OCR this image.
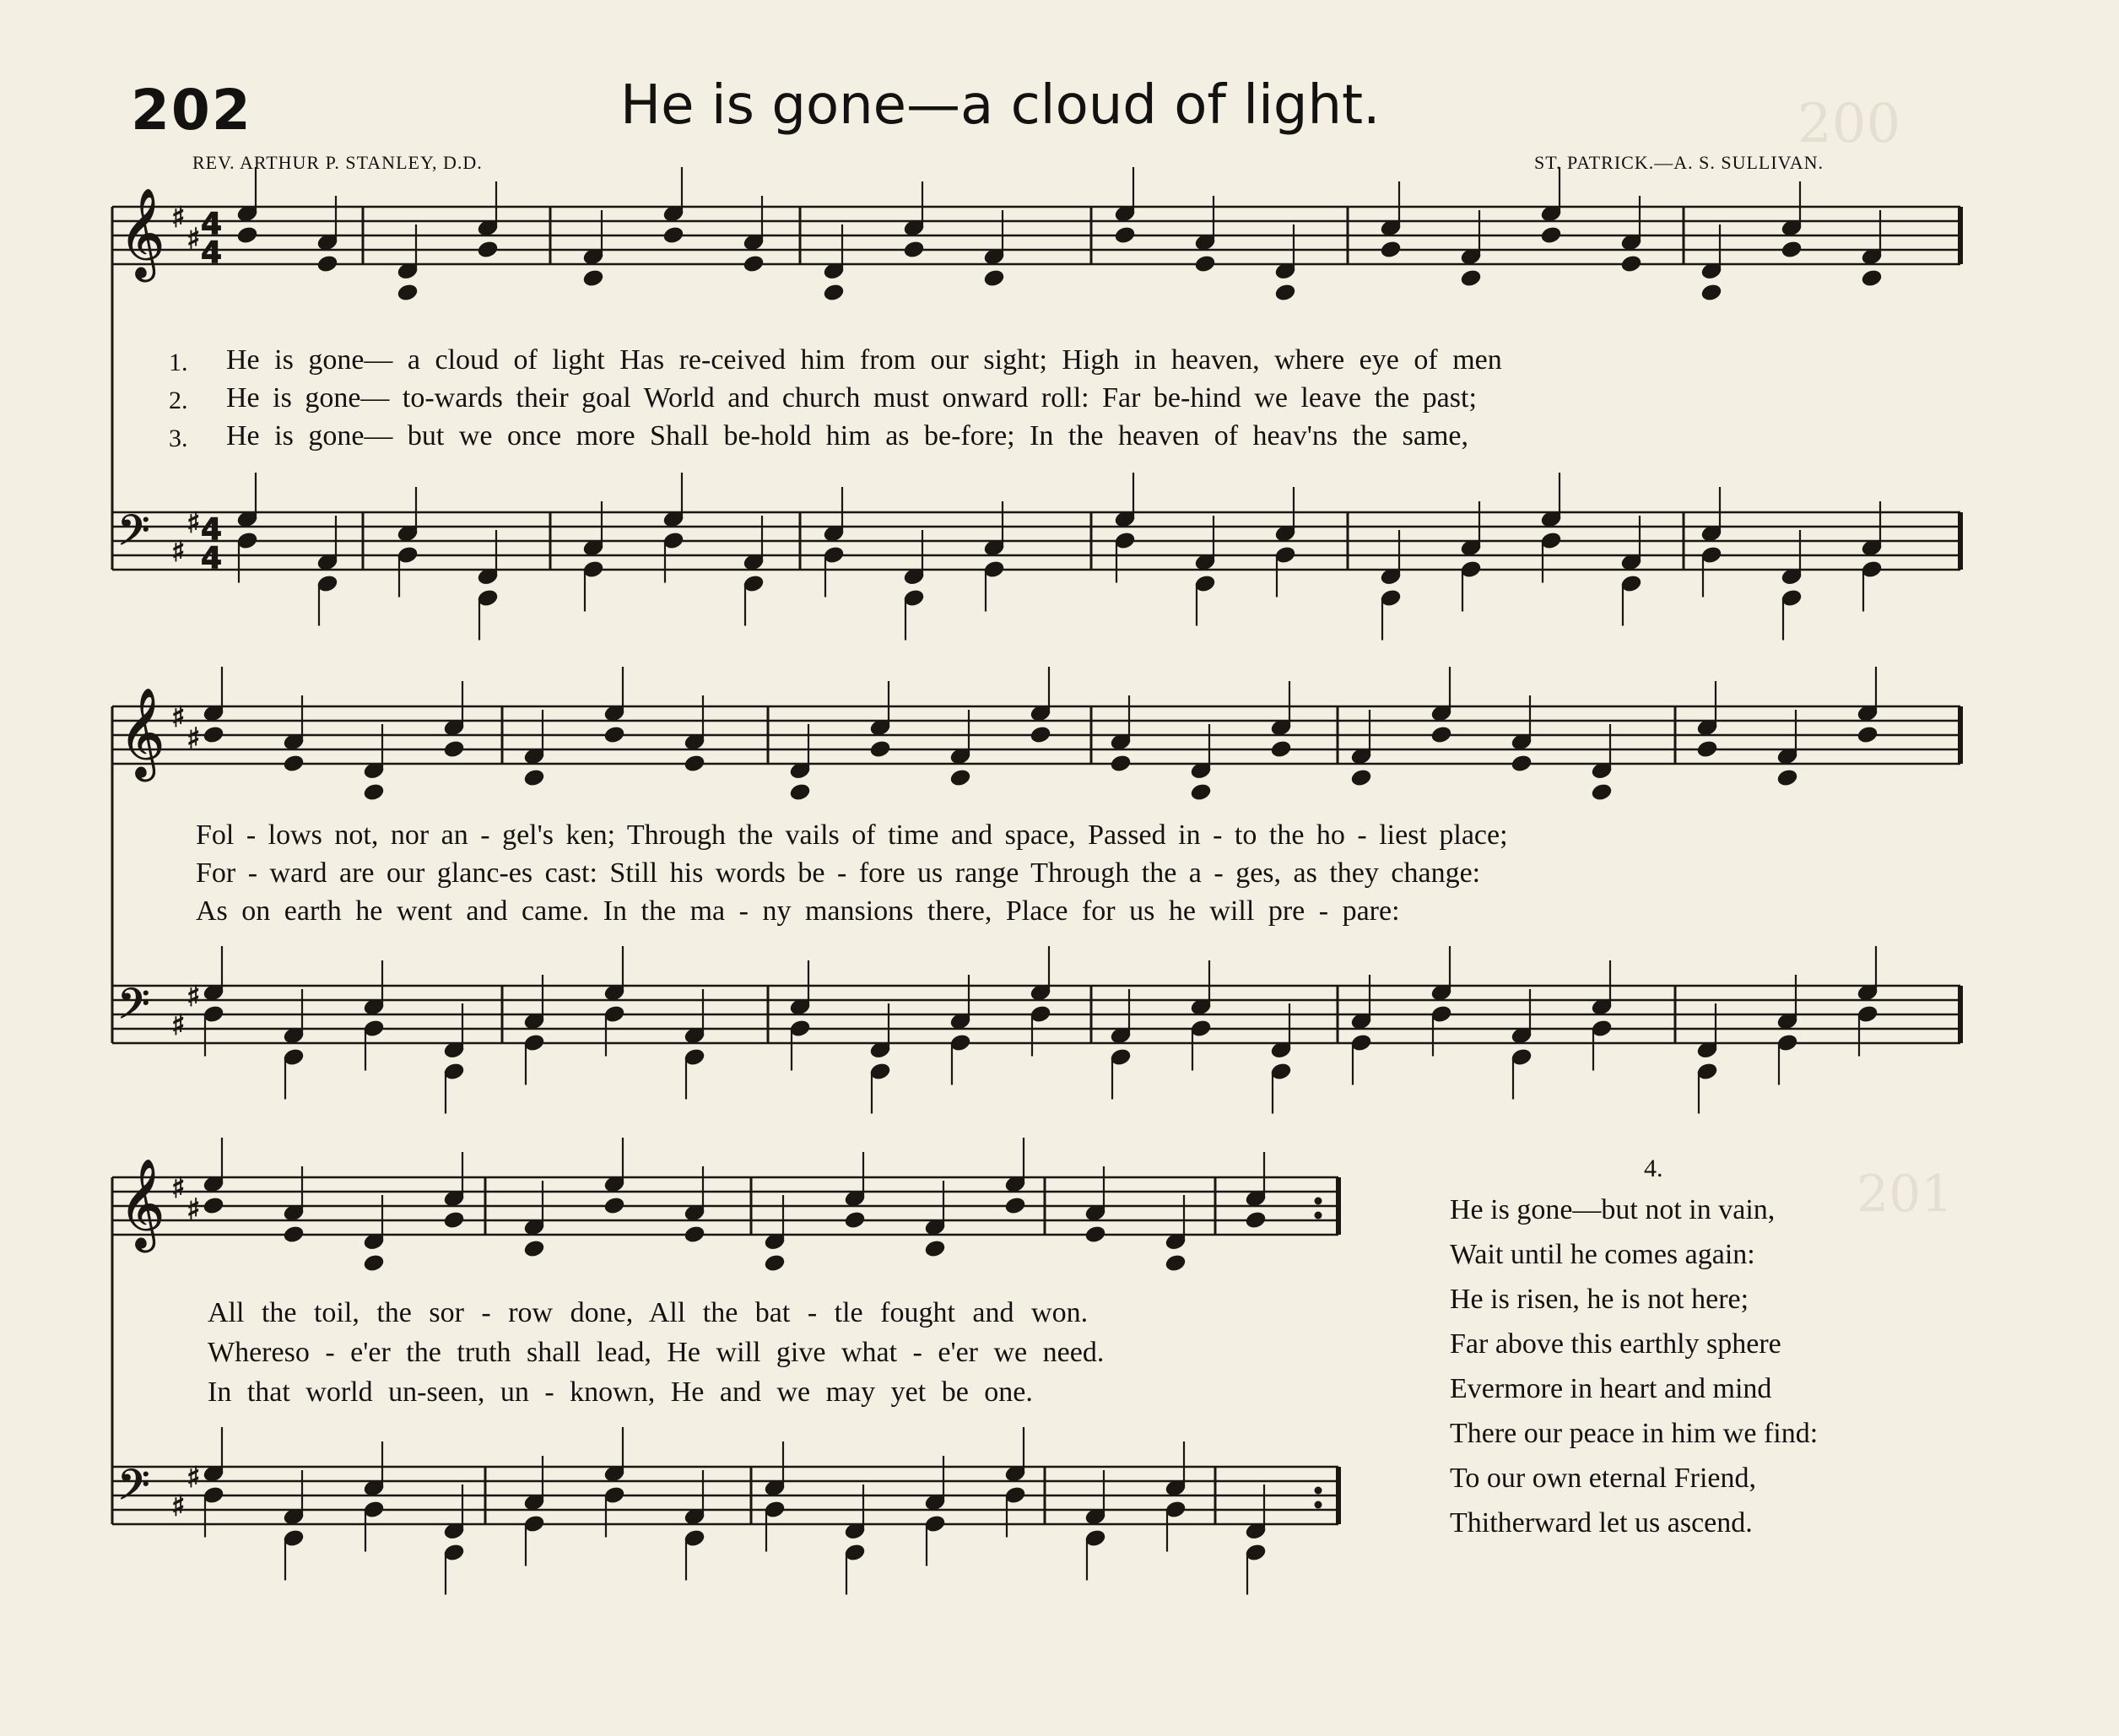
200
201
202	He is gone—a cloud of light.
REV. ARTHUR P. STANLEY, D.D.	ST. PATRICK.—A. S. SULLIVAN.
𝄞
𝄢
♯
♯
♯
♯
4
4
4
4
𝄞
𝄢
♯
♯
♯
♯
𝄞
𝄢
♯
♯
♯
♯
1.
2.
3.
He is gone— a cloud of light Has re-ceived him from our sight; High in heaven, where eye of men
He is gone— to-wards their goal World and church must onward roll: Far be-hind we leave the past;
He is gone— but we once more Shall be-hold him as be-fore; In the heaven of heav'ns the same,
Fol - lows not, nor an - gel's ken; Through the vails of time and space, Passed in - to the ho - liest place;
For - ward are our glanc-es cast: Still his words be - fore us range Through the a - ges, as they change:
As on earth he went and came. In the ma - ny mansions there, Place for us he will pre - pare:
All the toil, the sor - row done, All the bat - tle fought and won.
Whereso - e'er the truth shall lead, He will give what - e'er we need.
In that world un-seen, un - known, He and we may yet be one.
4.
He is gone—but not in vain,
Wait until he comes again:
He is risen, he is not here;
Far above this earthly sphere
Evermore in heart and mind
There our peace in him we find:
To our own eternal Friend,
Thitherward let us ascend.
